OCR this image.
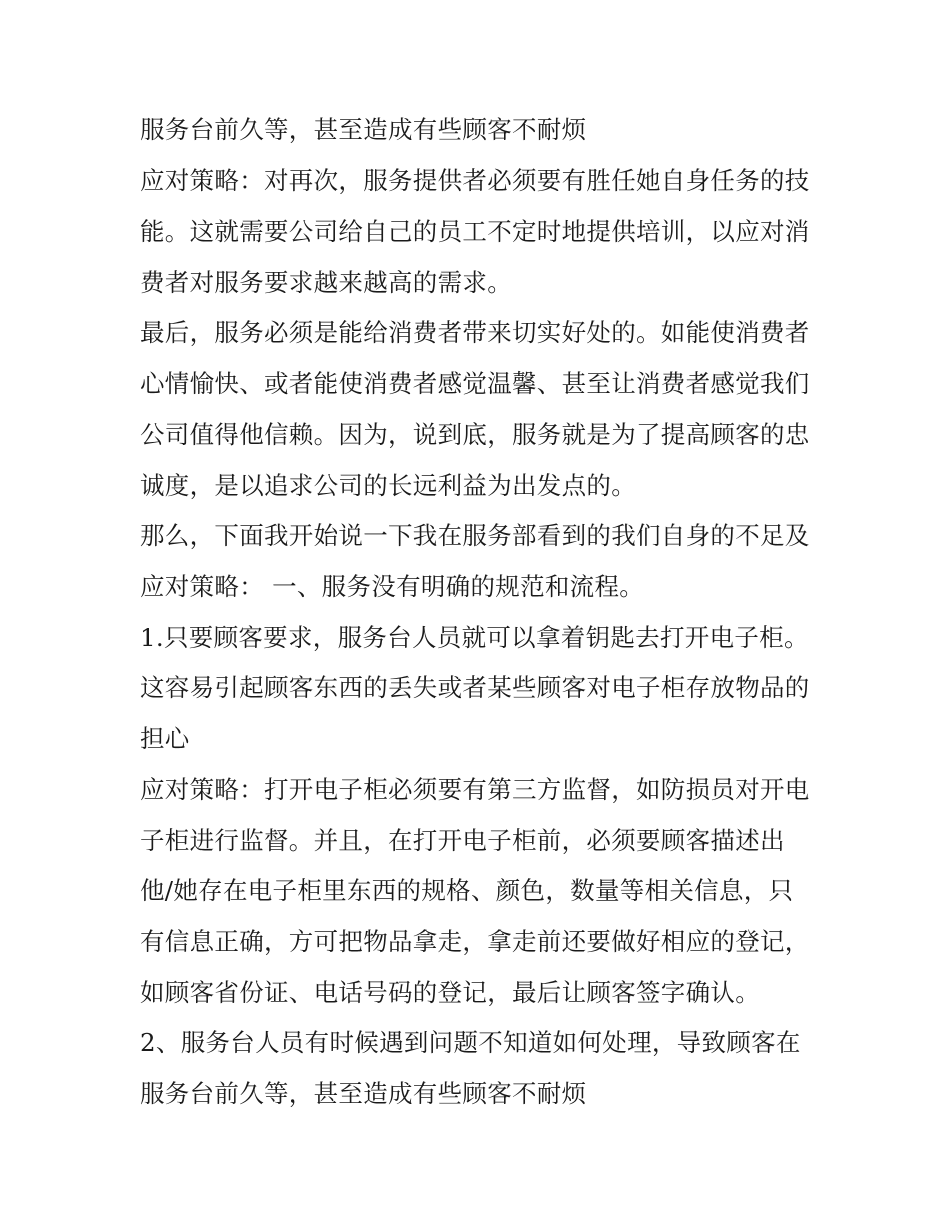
服务台前久等，甚至造成有些顾客不耐烦
应对策略：对再次，服务提供者必须要有胜任她自身任务的技
能。这就需要公司给自己的员工不定时地提供培训，以应对消
费者对服务要求越来越高的需求。
最后，服务必须是能给消费者带来切实好处的。如能使消费者
心情愉快、或者能使消费者感觉温馨、甚至让消费者感觉我们
公司值得他信赖。因为，说到底，服务就是为了提高顾客的忠
诚度，是以追求公司的长远利益为出发点的。
那么，下面我开始说一下我在服务部看到的我们自身的不足及
应对策略： 一、服务没有明确的规范和流程。
1.只要顾客要求，服务台人员就可以拿着钥匙去打开电子柜。
这容易引起顾客东西的丢失或者某些顾客对电子柜存放物品的
担心
应对策略：打开电子柜必须要有第三方监督，如防损员对开电
子柜进行监督。并且，在打开电子柜前，必须要顾客描述出
他/她存在电子柜里东西的规格、颜色，数量等相关信息，只
有信息正确，方可把物品拿走，拿走前还要做好相应的登记，
如顾客省份证、电话号码的登记，最后让顾客签字确认。
2、服务台人员有时候遇到问题不知道如何处理，导致顾客在
服务台前久等，甚至造成有些顾客不耐烦
